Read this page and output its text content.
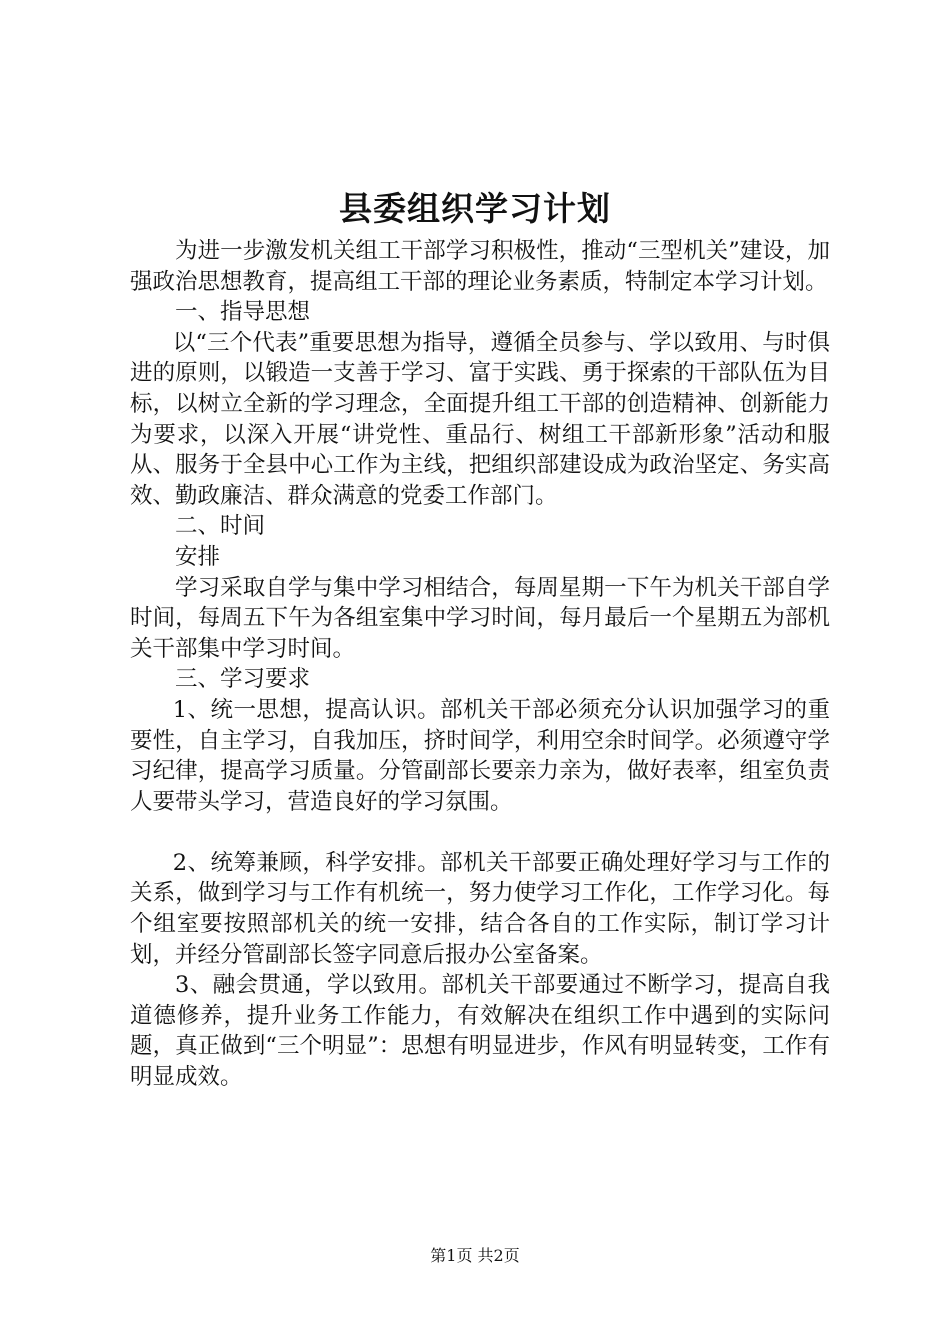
县委组织学习计划

为进一步激发机关组工干部学习积极性，推动“三型机关”建设，加强政治思想教育，提高组工干部的理论业务素质，特制定本学习计划。

一、指导思想

以“三个代表”重要思想为指导，遵循全员参与、学以致用、与时俱进的原则，以锻造一支善于学习、富于实践、勇于探索的干部队伍为目标，以树立全新的学习理念，全面提升组工干部的创造精神、创新能力为要求，以深入开展“讲党性、重品行、树组工干部新形象”活动和服从、服务于全县中心工作为主线，把组织部建设成为政治坚定、务实高效、勤政廉洁、群众满意的党委工作部门。

二、时间

安排

学习采取自学与集中学习相结合，每周星期一下午为机关干部自学时间，每周五下午为各组室集中学习时间，每月最后一个星期五为部机关干部集中学习时间。

三、学习要求

1、统一思想，提高认识。部机关干部必须充分认识加强学习的重要性，自主学习，自我加压，挤时间学，利用空余时间学。必须遵守学习纪律，提高学习质量。分管副部长要亲力亲为，做好表率，组室负责人要带头学习，营造良好的学习氛围。

2、统筹兼顾，科学安排。部机关干部要正确处理好学习与工作的关系，做到学习与工作有机统一，努力使学习工作化，工作学习化。每个组室要按照部机关的统一安排，结合各自的工作实际，制订学习计划，并经分管副部长签字同意后报办公室备案。

3、融会贯通，学以致用。部机关干部要通过不断学习，提高自我道德修养，提升业务工作能力，有效解决在组织工作中遇到的实际问题，真正做到“三个明显”：思想有明显进步，作风有明显转变，工作有明显成效。

第1页 共2页
